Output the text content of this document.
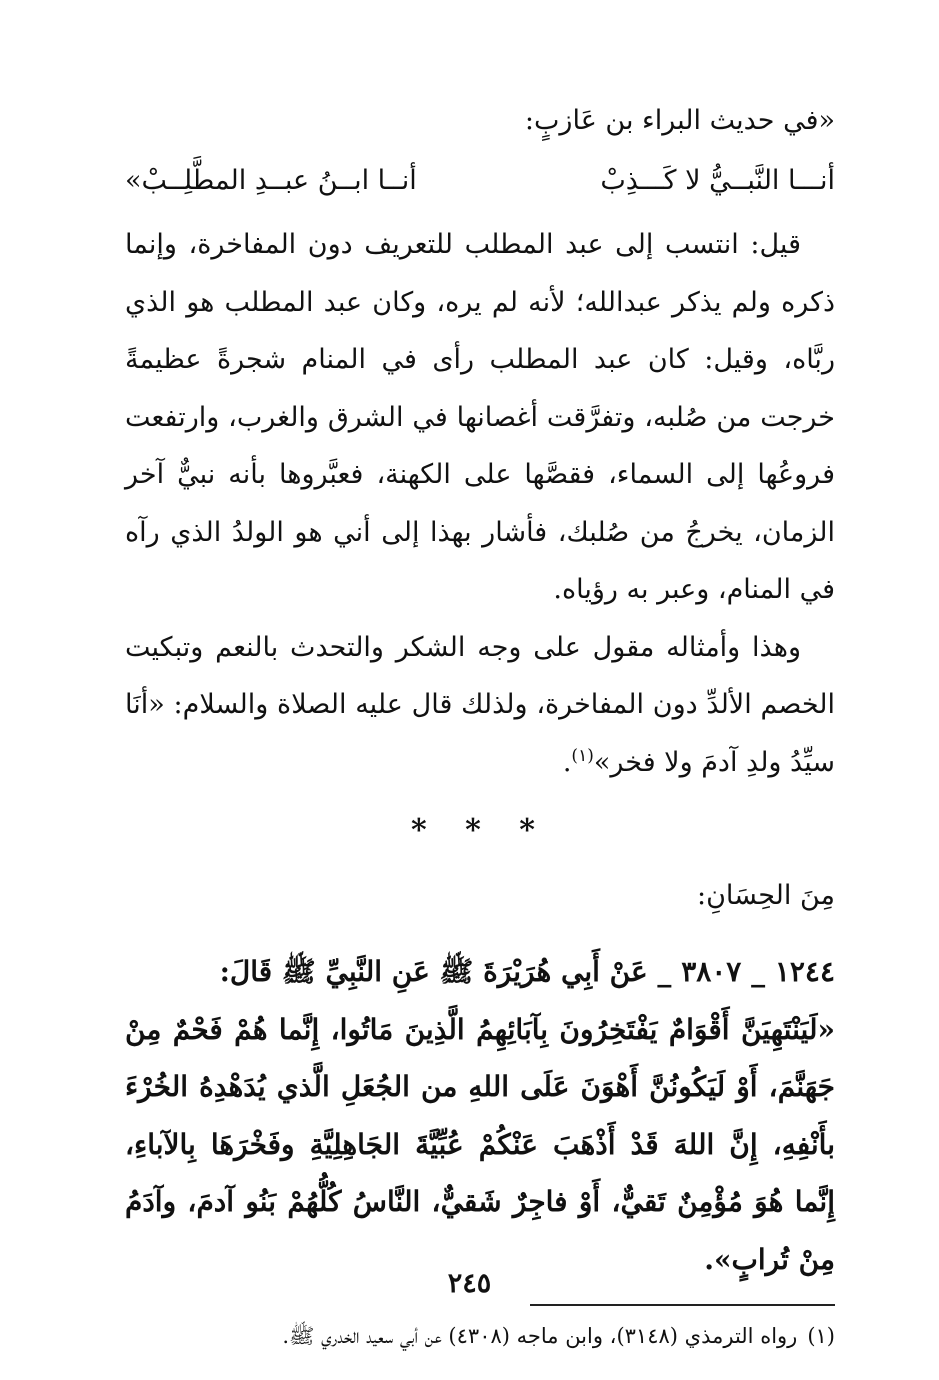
«في حديث البراء بن عَازبٍ:
أنـــا النَّبــيُّ لا كَـــذِبْ
أنــا ابــنُ عبــدِ المطَّلِــبْ»

قيل: انتسب إلى عبد المطلب للتعريف دون المفاخرة، وإنما ذكره ولم يذكر عبدالله؛ لأنه لم يره، وكان عبد المطلب هو الذي ربَّاه، وقيل: كان عبد المطلب رأى في المنام شجرةً عظيمةً خرجت من صُلبه، وتفرَّقت أغصانها في الشرق والغرب، وارتفعت فروعُها إلى السماء، فقصَّها على الكهنة، فعبَّروها بأنه نبيٌّ آخر الزمان، يخرجُ من صُلبك، فأشار بهذا إلى أني هو الولدُ الذي رآه في المنام، وعبر به رؤياه.

وهذا وأمثاله مقول على وجه الشكر والتحدث بالنعم وتبكيت الخصم الألدِّ دون المفاخرة، ولذلك قال عليه الصلاة والسلام: «أنَا سيِّدُ ولدِ آدمَ ولا فخر»$^{(١)}$.

* * *
مِنَ الحِسَانِ:
١٢٤٤ _ ٣٨٠٧ _ عَنْ أَبِي هُرَيْرَةَ ﷺ عَنِ النَّبِيِّ ﷺ قَالَ:
«لَيَنْتَهِيَنَّ أَقْوَامٌ يَفْتَخِرُونَ بِآبَائِهِمُ الَّذِينَ مَاتُوا، إِنَّما هُمْ فَحْمٌ مِنْ جَهَنَّمَ، أَوْ لَيَكُونُنَّ أَهْوَنَ عَلَى اللهِ من الجُعَلِ الَّذي يُدَهْدِهُ الخُرْءَ بأَنْفِهِ، إِنَّ اللهَ قَدْ أَذْهَبَ عَنْكُمْ عُبِّيَّةَ الجَاهِلِيَّةِ وفَخْرَهَا بِالآباءِ، إِنَّما هُوَ مُؤْمِنٌ تَقيٌّ، أَوْ فاجِرٌ شَقيٌّ، النَّاسُ كُلُّهُمْ بَنُو آدمَ، وآدَمُ مِنْ تُرابٍ».
(١)رواه الترمذي (٣١٤٨)، وابن ماجه (٤٣٠٨) عن أبي سعيد الخدري ﷺ.
٢٤٥
